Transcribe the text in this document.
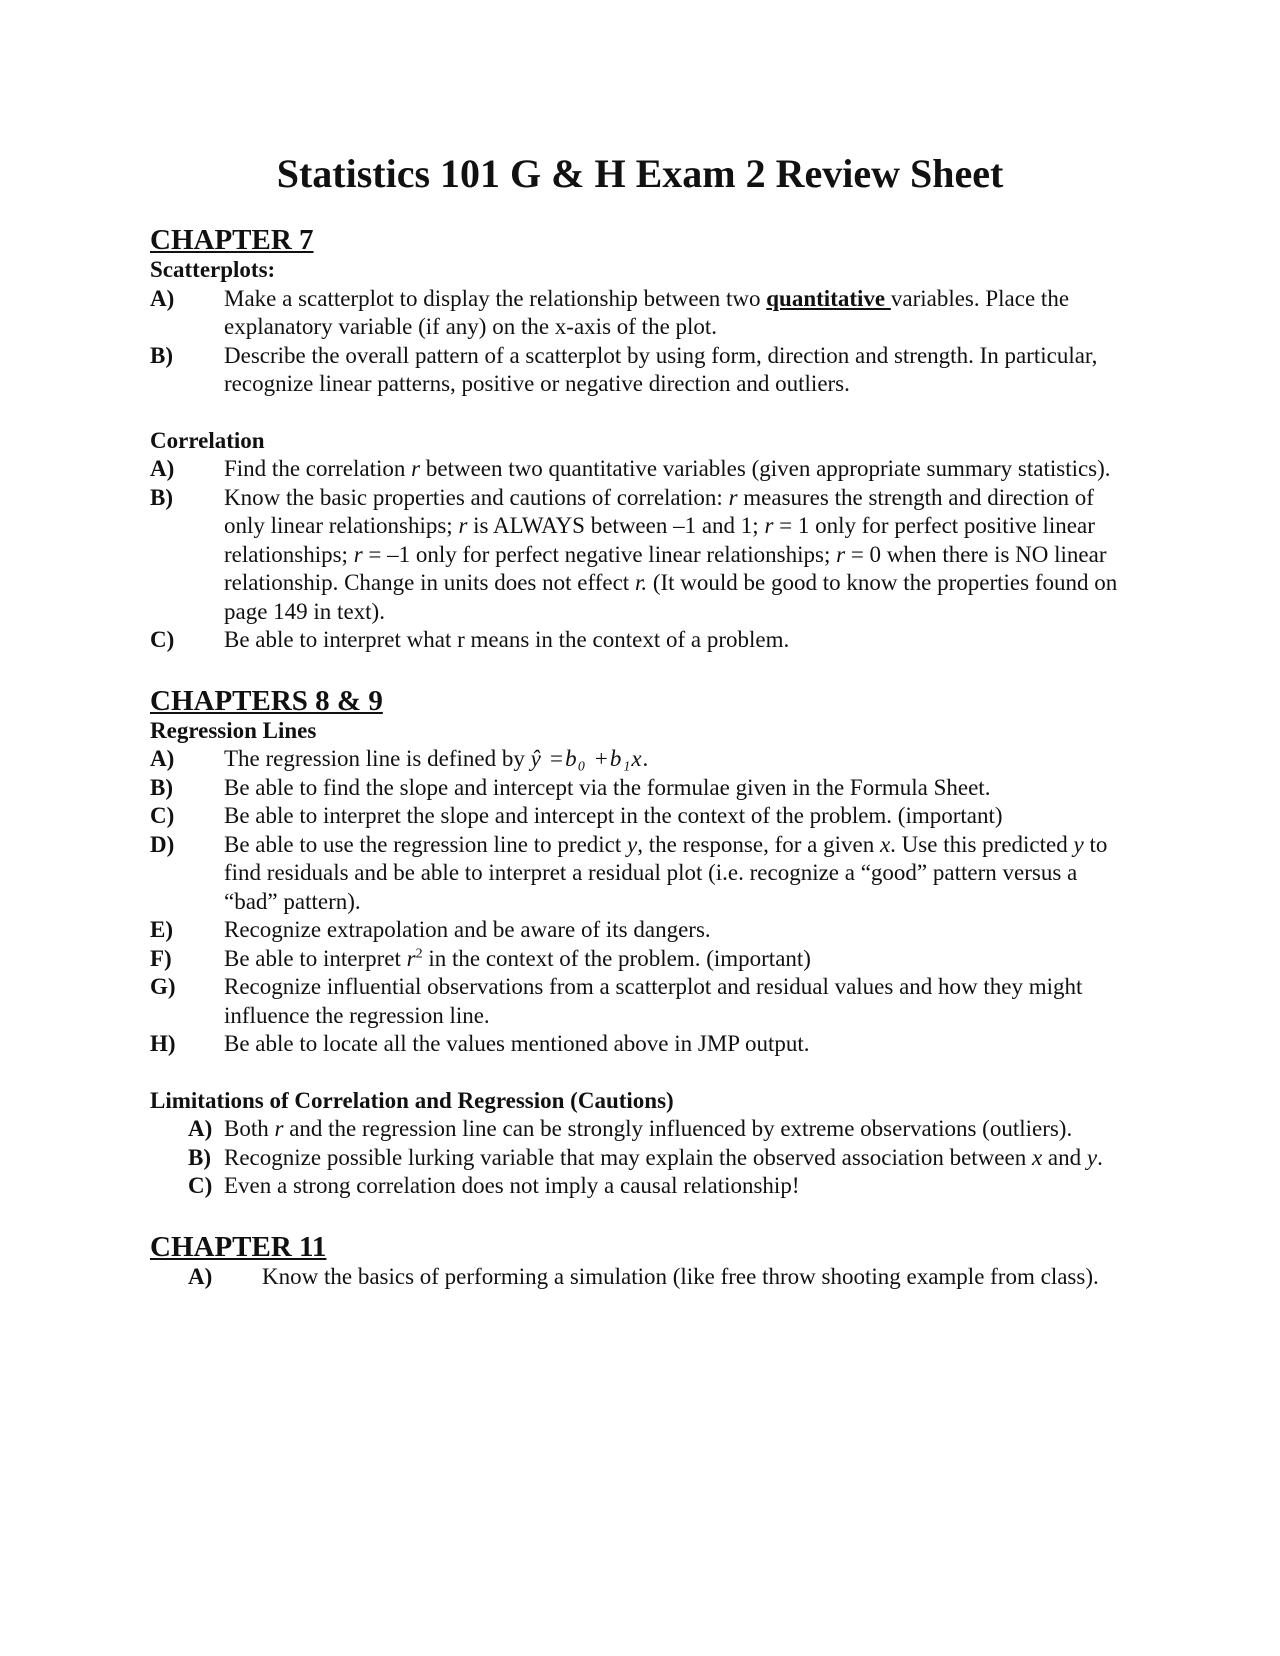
Statistics 101 G & H Exam 2 Review Sheet
CHAPTER 7
Scatterplots:
A)	Make a scatterplot to display the relationship between two quantitative variables. Place the explanatory variable (if any) on the x-axis of the plot.
B)	Describe the overall pattern of a scatterplot by using form, direction and strength. In particular, recognize linear patterns, positive or negative direction and outliers.
Correlation
A)	Find the correlation r between two quantitative variables (given appropriate summary statistics).
B)	Know the basic properties and cautions of correlation: r measures the strength and direction of only linear relationships; r is ALWAYS between –1 and 1; r = 1 only for perfect positive linear relationships; r = –1 only for perfect negative linear relationships; r = 0 when there is NO linear relationship. Change in units does not effect r. (It would be good to know the properties found on page 149 in text).
C)	Be able to interpret what r means in the context of a problem.
CHAPTERS 8 & 9
Regression Lines
A)	The regression line is defined by ŷ =b₀ +b₁x.
B)	Be able to find the slope and intercept via the formulae given in the Formula Sheet.
C)	Be able to interpret the slope and intercept in the context of the problem. (important)
D)	Be able to use the regression line to predict y, the response, for a given x. Use this predicted y to find residuals and be able to interpret a residual plot (i.e. recognize a “good” pattern versus a “bad” pattern).
E)	Recognize extrapolation and be aware of its dangers.
F)	Be able to interpret $r^2$ in the context of the problem. (important)
G)	Recognize influential observations from a scatterplot and residual values and how they might influence the regression line.
H)	Be able to locate all the values mentioned above in JMP output.
Limitations of Correlation and Regression (Cautions)
A) Both r and the regression line can be strongly influenced by extreme observations (outliers).
B) Recognize possible lurking variable that may explain the observed association between x and y.
C) Even a strong correlation does not imply a causal relationship!
CHAPTER 11
A)	Know the basics of performing a simulation (like free throw shooting example from class).
